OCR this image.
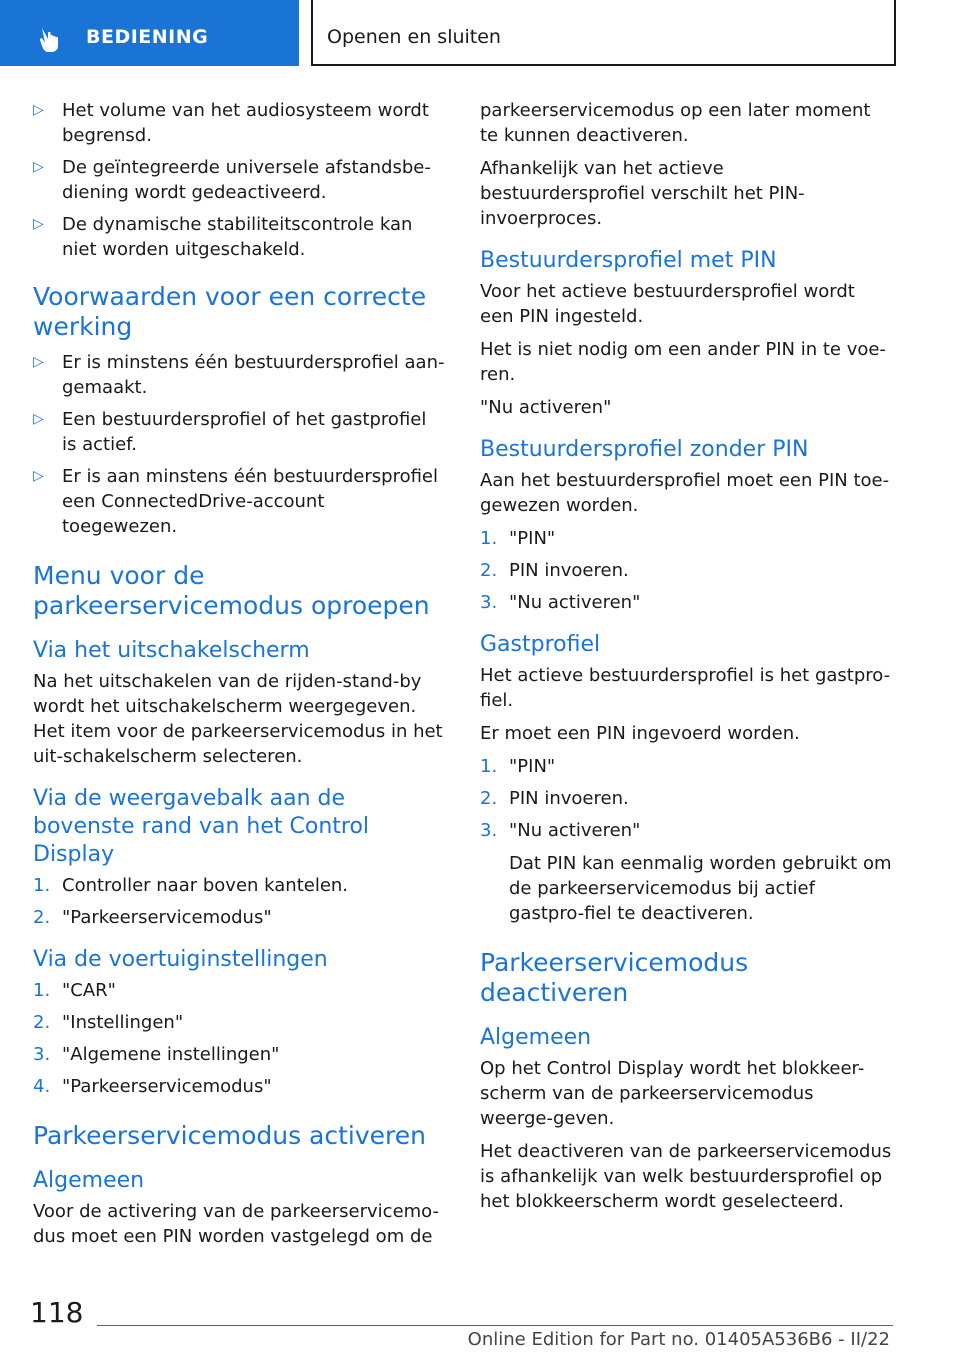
BEDIENING	Openen en sluiten
▷ Het volume van het audiosysteem wordt begrensd.
▷ De geïntegreerde universele afstandsbe-diening wordt gedeactiveerd.
▷ De dynamische stabiliteitscontrole kan niet worden uitgeschakeld.
Voorwaarden voor een correcte werking
▷ Er is minstens één bestuurdersprofiel aan-gemaakt.
▷ Een bestuurdersprofiel of het gastprofiel is actief.
▷ Er is aan minstens één bestuurdersprofiel een ConnectedDrive-account toegewezen.
Menu voor de parkeerservicemodus oproepen
Via het uitschakelscherm

Na het uitschakelen van de rijden-stand-by wordt het uitschakelscherm weergegeven. Het item voor de parkeerservicemodus in het uit-schakelscherm selecteren.

Via de weergavebalk aan de bovenste rand van het Control Display
1. Controller naar boven kantelen.
2. "Parkeerservicemodus"
Via de voertuiginstellingen
1. "CAR"
2. "Instellingen"
3. "Algemene instellingen"
4. "Parkeerservicemodus"
Parkeerservicemodus activeren
Algemeen

Voor de activering van de parkeerservicemo-dus moet een PIN worden vastgelegd om de

parkeerservicemodus op een later moment te kunnen deactiveren.

Afhankelijk van het actieve bestuurdersprofiel verschilt het PIN-invoerproces.

Bestuurdersprofiel met PIN

Voor het actieve bestuurdersprofiel wordt een PIN ingesteld.

Het is niet nodig om een ander PIN in te voe-ren.

"Nu activeren"

Bestuurdersprofiel zonder PIN

Aan het bestuurdersprofiel moet een PIN toe-gewezen worden.

1. "PIN"
2. PIN invoeren.
3. "Nu activeren"
Gastprofiel

Het actieve bestuurdersprofiel is het gastpro-fiel.

Er moet een PIN ingevoerd worden.

1. "PIN"
2. PIN invoeren.
3. "Nu activeren"
Dat PIN kan eenmalig worden gebruikt om de parkeerservicemodus bij actief gastpro-fiel te deactiveren.
Parkeerservicemodus deactiveren
Algemeen

Op het Control Display wordt het blokkeer-scherm van de parkeerservicemodus weerge-geven.

Het deactiveren van de parkeerservicemodus is afhankelijk van welk bestuurdersprofiel op het blokkeerscherm wordt geselecteerd.

118
Online Edition for Part no. 01405A536B6 - II/22
